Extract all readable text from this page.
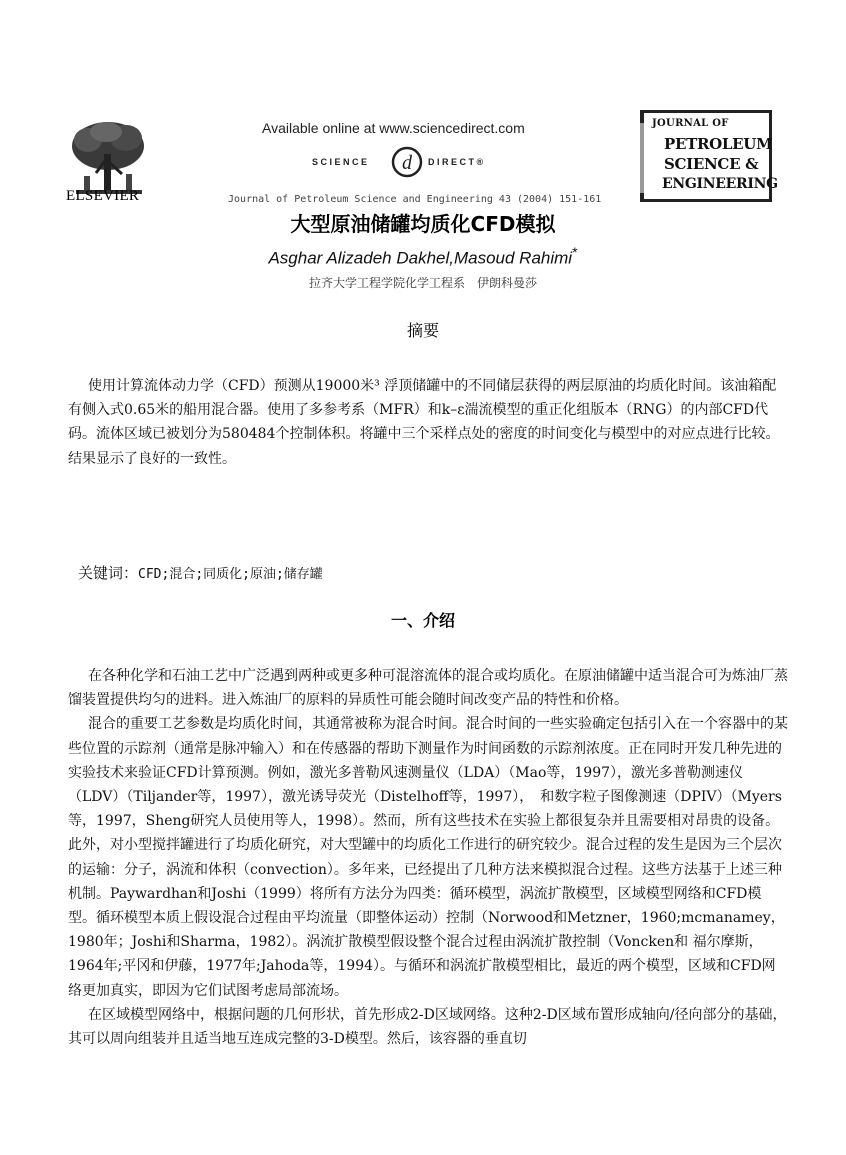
ELSEVIER
Available online at www.sciencedirect.com
SCIENCE d DIRECT®
Journal of Petroleum Science and Engineering 43 (2004) 151-161
JOURNAL OF
PETROLEUM
SCIENCE &
ENGINEERING
大型原油储罐均质化CFD模拟
Asghar Alizadeh Dakhel,Masoud Rahimi*
拉齐大学工程学院化学工程系　伊朗科曼莎
摘要

使用计算流体动力学（CFD）预测从19000米³ 浮顶储罐中的不同储层获得的两层原油的均质化时间。该油箱配有侧入式0.65米的船用混合器。使用了多参考系（MFR）和k–ε湍流模型的重正化组版本（RNG）的内部CFD代码。流体区域已被划分为580484个控制体积。将罐中三个采样点处的密度的时间变化与模型中的对应点进行比较。结果显示了良好的一致性。

关键词：CFD;混合;同质化;原油;储存罐
一、介绍

在各种化学和石油工艺中广泛遇到两种或更多种可混溶流体的混合或均质化。在原油储罐中适当混合可为炼油厂蒸馏装置提供均匀的进料。进入炼油厂的原料的异质性可能会随时间改变产品的特性和价格。

混合的重要工艺参数是均质化时间，其通常被称为混合时间。混合时间的一些实验确定包括引入在一个容器中的某些位置的示踪剂（通常是脉冲输入）和在传感器的帮助下测量作为时间函数的示踪剂浓度。正在同时开发几种先进的实验技术来验证CFD计算预测。例如，激光多普勒风速测量仪（LDA）（Mao等，1997），激光多普勒测速仪（LDV）（Tiljander等，1997），激光诱导荧光（Distelhoff等，1997），　和数字粒子图像测速（DPIV）（Myers等，1997，Sheng研究人员使用等人，1998）。然而，所有这些技术在实验上都很复杂并且需要相对昂贵的设备。此外，对小型搅拌罐进行了均质化研究，对大型罐中的均质化工作进行的研究较少。混合过程的发生是因为三个层次的运输：分子，涡流和体积（convection）。多年来，已经提出了几种方法来模拟混合过程。这些方法基于上述三种机制。Paywardhan和Joshi（1999）将所有方法分为四类：循环模型，涡流扩散模型，区域模型网络和CFD模型。循环模型本质上假设混合过程由平均流量（即整体运动）控制（Norwood和Metzner，1960;mcmanamey，1980年；Joshi和Sharma，1982）。涡流扩散模型假设整个混合过程由涡流扩散控制（Voncken和 福尔摩斯，1964年;平冈和伊藤，1977年;Jahoda等，1994）。与循环和涡流扩散模型相比，最近的两个模型，区域和CFD网络更加真实，即因为它们试图考虑局部流场。

在区域模型网络中，根据问题的几何形状，首先形成2-D区域网络。这种2-D区域布置形成轴向/径向部分的基础，其可以周向组装并且适当地互连成完整的3-D模型。然后，该容器的垂直切
